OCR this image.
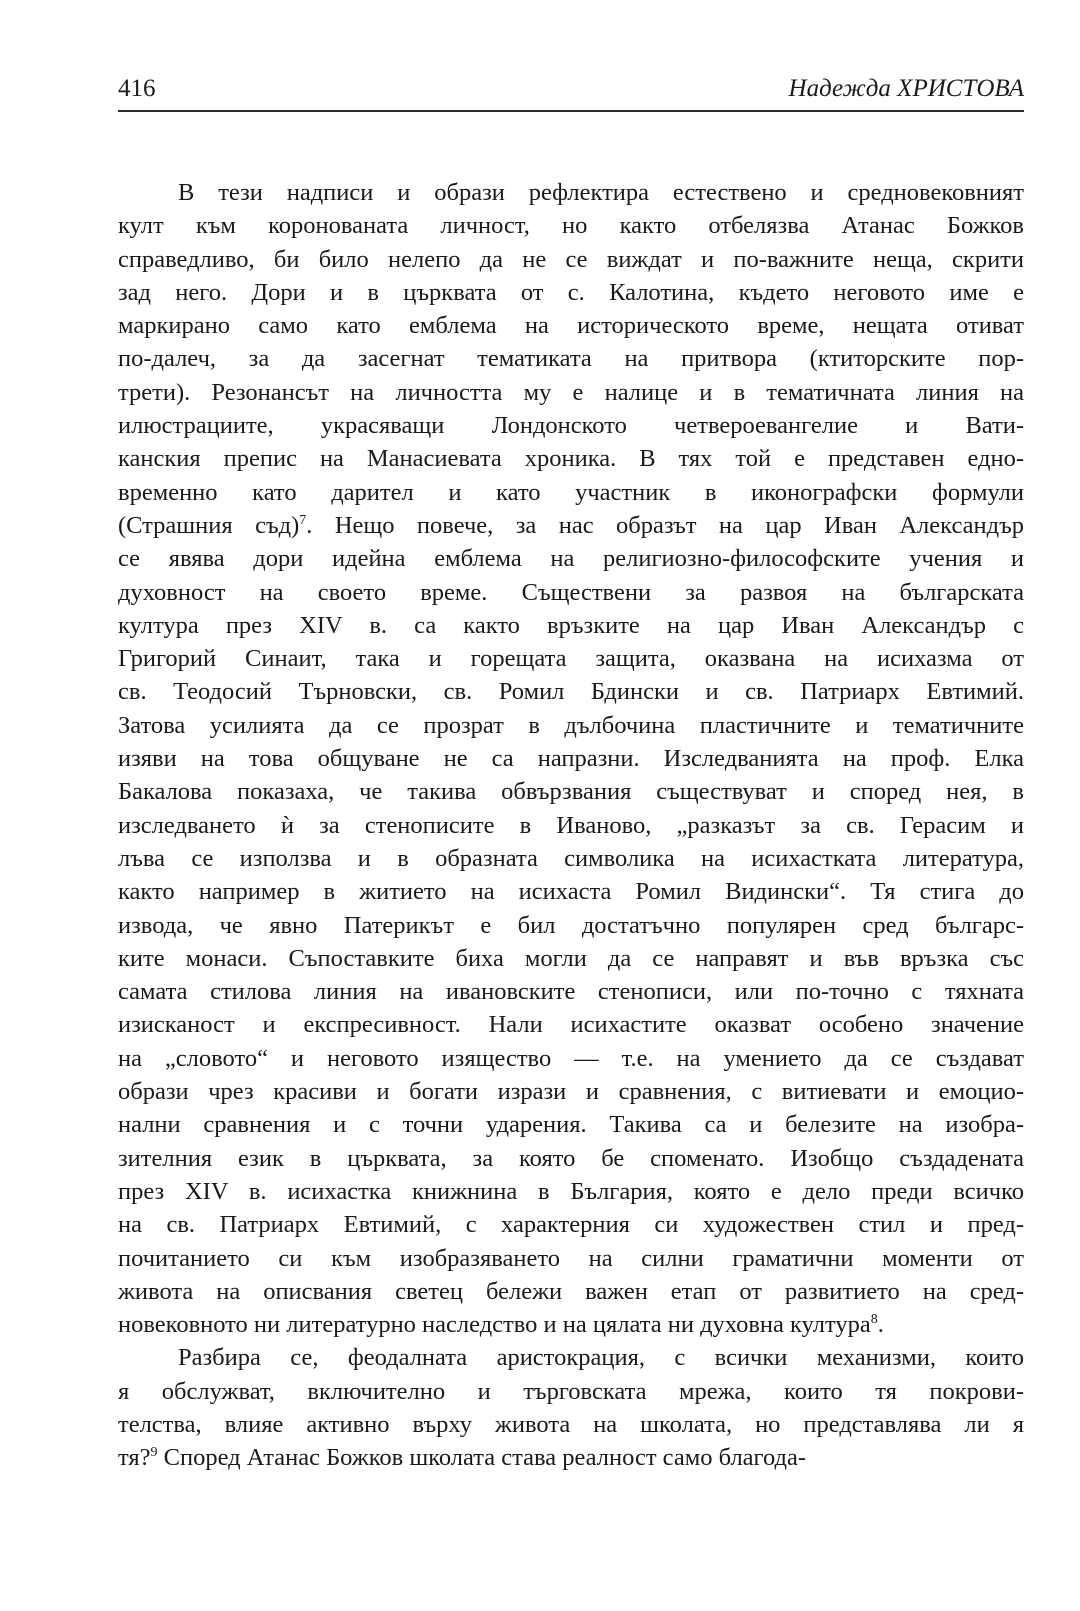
416	Надежда ХРИСТОВА
В тези надписи и образи рефлектира естествено и средновековният
култ към коронованата личност, но както отбелязва Атанас Божков
справедливо, би било нелепо да не се виждат и по-важните неща, скрити
зад него. Дори и в църквата от с. Калотина, където неговото име е
маркирано само като емблема на историческото време, нещата отиват
по-далеч, за да засегнат тематиката на притвора (ктиторските пор-
трети). Резонансът на личността му е налице и в тематичната линия на
илюстрациите, украсяващи Лондонското четвероевангелие и Вати-
канския препис на Манасиевата хроника. В тях той е представен едно-
временно като дарител и като участник в иконографски формули
(Страшния съд)$^7$. Нещо повече, за нас образът на цар Иван Александър
се явява дори идейна емблема на религиозно-философските учения и
духовност на своето време. Съществени за развоя на българската
култура през XIV в. са както връзките на цар Иван Александър с
Григорий Синаит, така и горещата защита, оказвана на исихазма от
св. Теодосий Търновски, св. Ромил Бдински и св. Патриарх Евтимий.
Затова усилията да се прозрат в дълбочина пластичните и тематичните
изяви на това общуване не са напразни. Изследванията на проф. Елка
Бакалова показаха, че такива обвързвания съществуват и според нея, в
изследването ѝ за стенописите в Иваново, „разказът за св. Герасим и
лъва се използва и в образната символика на исихастката литература,
както например в житието на исихаста Ромил Видински“. Тя стига до
извода, че явно Патерикът е бил достатъчно популярен сред българс-
ките монаси. Съпоставките биха могли да се направят и във връзка със
самата стилова линия на ивановските стенописи, или по-точно с тяхната
изисканост и експресивност. Нали исихастите оказват особено значение
на „словото“ и неговото изящество — т.е. на умението да се създават
образи чрез красиви и богати изрази и сравнения, с витиевати и емоцио-
нални сравнения и с точни ударения. Такива са и белезите на изобра-
зителния език в църквата, за която бе споменато. Изобщо създадената
през XIV в. исихастка книжнина в България, която е дело преди всичко
на св. Патриарх Евтимий, с характерния си художествен стил и пред-
почитанието си към изобразяването на силни граматични моменти от
живота на описвания светец бележи важен етап от развитието на сред-
новековното ни литературно наследство и на цялата ни духовна култура$^8$.
Разбира се, феодалната аристокрация, с всички механизми, които
я обслужват, включително и търговската мрежа, които тя покрови-
телства, влияе активно върху живота на школата, но представлява ли я
тя?$^9$ Според Атанас Божков школата става реалност само благода-
